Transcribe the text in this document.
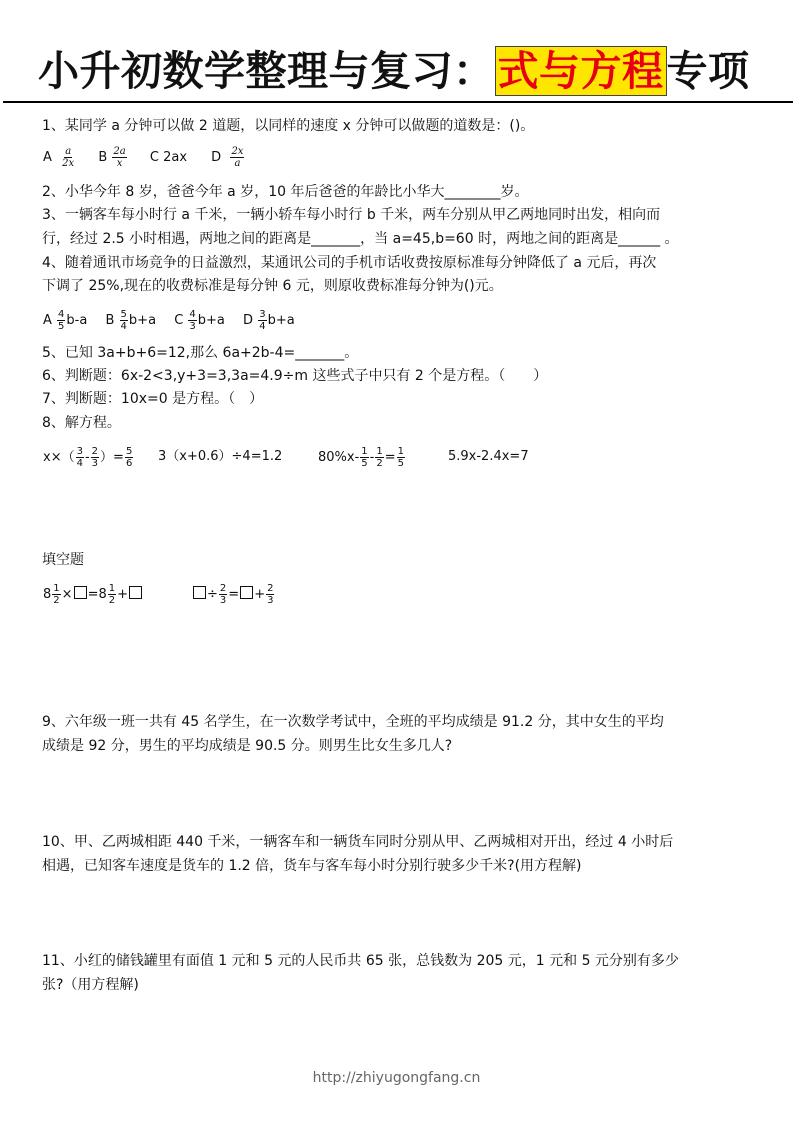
小升初数学整理与复习：式与方程专项
1、某同学 a 分钟可以做 2 道题，以同样的速度 x 分钟可以做题的道数是：()。
A $\frac{a}{2x}$ B $\frac{2a}{x}$ C 2ax D $\frac{2x}{a}$
2、小华今年 8 岁，爸爸今年 a 岁，10 年后爸爸的年龄比小华大________岁。
3、一辆客车每小时行 a 千米，一辆小轿车每小时行 b 千米，两车分别从甲乙两地同时出发，相向而
行，经过 2.5 小时相遇，两地之间的距离是_______，当 a=45,b=60 时，两地之间的距离是______ 。
4、随着通讯市场竞争的日益激烈，某通讯公司的手机市话收费按原标准每分钟降低了 a 元后，再次
下调了 25%,现在的收费标准是每分钟 6 元，则原收费标准每分钟为()元。
A $\frac{4}{5} b-a$ B $\frac{5}{4} b+a$ C $\frac{4}{3} b+a$ D $\frac{3}{4} b+a$
5、已知 3a+b+6=12,那么 6a+2b-4=_______。
6、判断题：6x-2<3,y+3=3,3a=4.9÷m 这些式子中只有 2 个是方程。（　　）
7、判断题：10x=0 是方程。（　）
8、解方程。
$x\times( \frac{3}{4} - \frac{2}{3}$ ）= $\frac{5}{6} 3(x+0.6)\div 4=1.2$	$80\%x- \frac{1}{5} - \frac{1}{2} = \frac{1}{5}$	5.9x-2.4x=7
填空题
$8 \frac{1}{2} \times =8 \frac{1}{2}$ +	÷ $\frac{2}{3}$ = + $\frac{2}{3}$
9、六年级一班一共有 45 名学生，在一次数学考试中，全班的平均成绩是 91.2 分，其中女生的平均
成绩是 92 分，男生的平均成绩是 90.5 分。则男生比女生多几人?
10、甲、乙两城相距 440 千米，一辆客车和一辆货车同时分别从甲、乙两城相对开出，经过 4 小时后
相遇，已知客车速度是货车的 1.2 倍，货车与客车每小时分别行驶多少千米?(用方程解)
11、小红的储钱罐里有面值 1 元和 5 元的人民币共 65 张，总钱数为 205 元，1 元和 5 元分别有多少
张?（用方程解)
http://zhiyugongfang.cn
